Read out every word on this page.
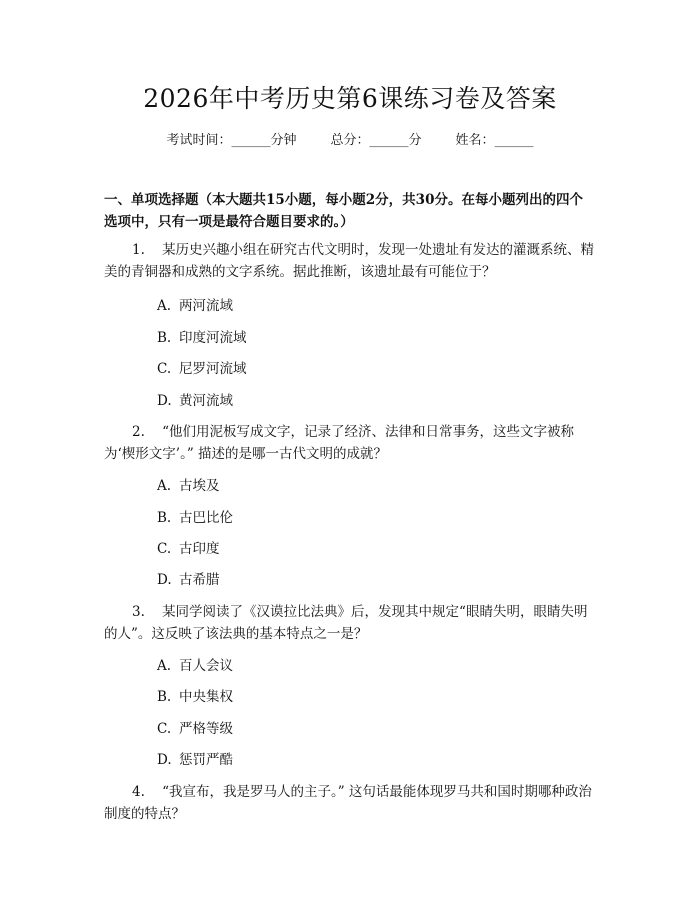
2026年中考历史第6课练习卷及答案
考试时间：______分钟	总分：______分	姓名：______
一、单项选择题（本大题共15小题，每小题2分，共30分。在每小题列出的四个选项中，只有一项是最符合题目要求的。）
1. 某历史兴趣小组在研究古代文明时，发现一处遗址有发达的灌溉系统、精美的青铜器和成熟的文字系统。据此推断，该遗址最有可能位于？
A. 两河流域
B. 印度河流域
C. 尼罗河流域
D. 黄河流域
2. “他们用泥板写成文字，记录了经济、法律和日常事务，这些文字被称为‘楔形文字’。” 描述的是哪一古代文明的成就？
A. 古埃及
B. 古巴比伦
C. 古印度
D. 古希腊
3. 某同学阅读了《汉谟拉比法典》后，发现其中规定“眼睛失明，眼睛失明的人”。这反映了该法典的基本特点之一是？
A. 百人会议
B. 中央集权
C. 严格等级
D. 惩罚严酷
4. “我宣布，我是罗马人的主子。” 这句话最能体现罗马共和国时期哪种政治制度的特点？
